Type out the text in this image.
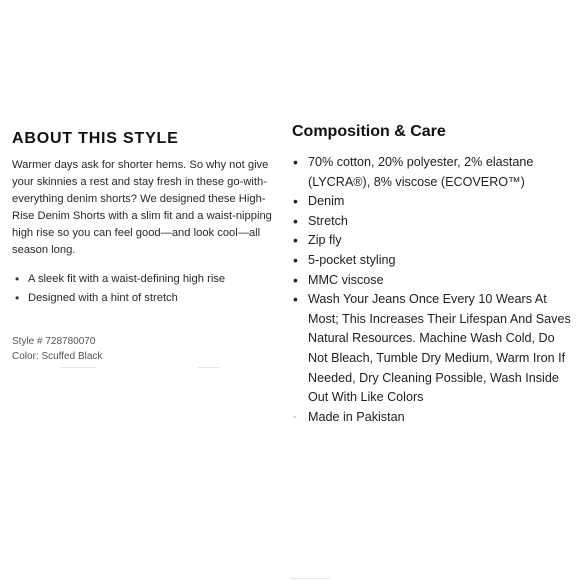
ABOUT THIS STYLE

Warmer days ask for shorter hems. So why not give your skinnies a rest and stay fresh in these go-with-everything denim shorts? We designed these High-Rise Denim Shorts with a slim fit and a waist-nipping high rise so you can feel good—and look cool—all season long.

• A sleek fit with a waist-defining high rise
• Designed with a hint of stretch
Style # 728780070
Color: Scuffed Black
Composition & Care
• 70% cotton, 20% polyester, 2% elastane (LYCRA®), 8% viscose (ECOVERO™)
• Denim
• Stretch
• Zip fly
• 5-pocket styling
• MMC viscose
• Wash Your Jeans Once Every 10 Wears At Most; This Increases Their Lifespan And Saves Natural Resources. Machine Wash Cold, Do Not Bleach, Tumble Dry Medium, Warm Iron If Needed, Dry Cleaning Possible, Wash Inside Out With Like Colors
- Made in Pakistan
